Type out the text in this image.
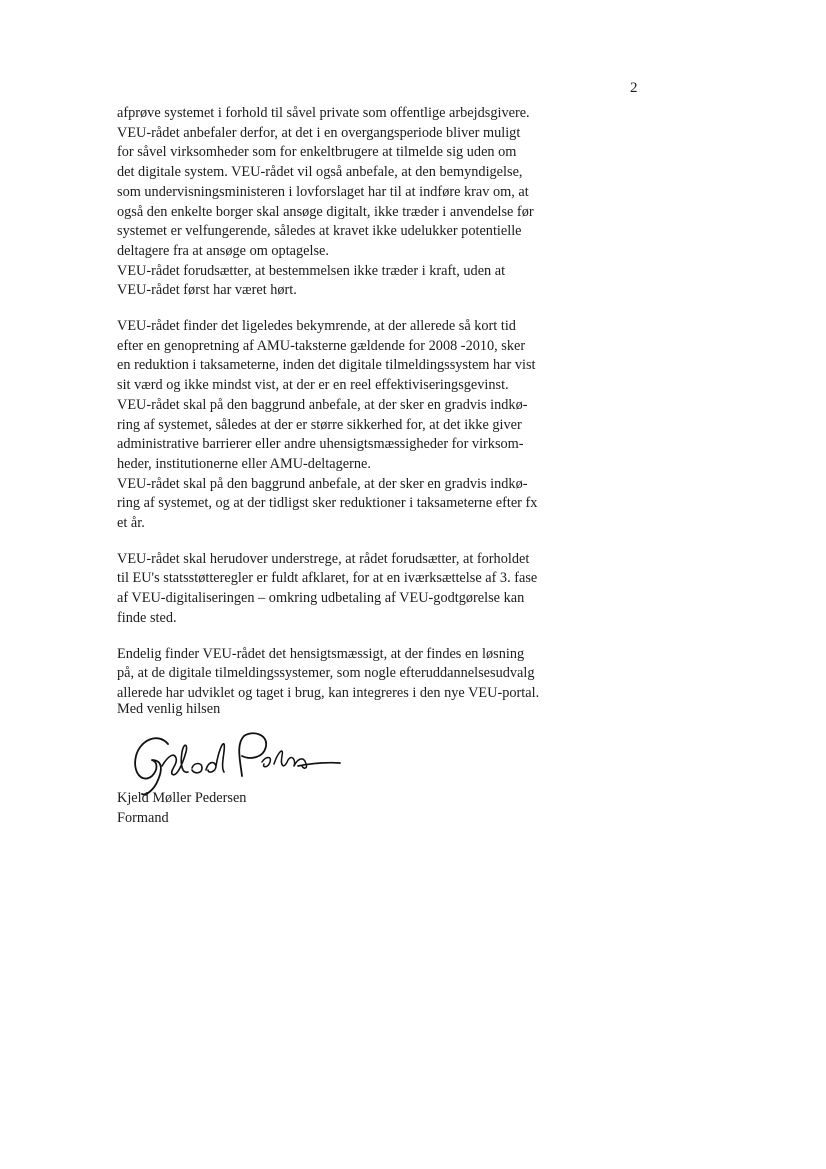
2
afprøve systemet i forhold til såvel private som offentlige arbejdsgivere.
VEU-rådet anbefaler derfor, at det i en overgangsperiode bliver muligt
for såvel virksomheder som for enkeltbrugere at tilmelde sig uden om
det digitale system. VEU-rådet vil også anbefale, at den bemyndigelse,
som undervisningsministeren i lovforslaget har til at indføre krav om, at
også den enkelte borger skal ansøge digitalt, ikke træder i anvendelse før
systemet er velfungerende, således at kravet ikke udelukker potentielle
deltagere fra at ansøge om optagelse.
VEU-rådet forudsætter, at bestemmelsen ikke træder i kraft, uden at
VEU-rådet først har været hørt.
VEU-rådet finder det ligeledes bekymrende, at der allerede så kort tid
efter en genopretning af AMU-taksterne gældende for 2008 -2010, sker
en reduktion i taksameterne, inden det digitale tilmeldingssystem har vist
sit værd og ikke mindst vist, at der er en reel effektiviseringsgevinst.
VEU-rådet skal på den baggrund anbefale, at der sker en gradvis indkø-
ring af systemet, således at der er større sikkerhed for, at det ikke giver
administrative barrierer eller andre uhensigtsmæssigheder for virksom-
heder, institutionerne eller AMU-deltagerne.
VEU-rådet skal på den baggrund anbefale, at der sker en gradvis indkø-
ring af systemet, og at der tidligst sker reduktioner i taksameterne efter fx
et år.
VEU-rådet skal herudover understrege, at rådet forudsætter, at forholdet
til EU's statsstøtteregler er fuldt afklaret, for at en iværksættelse af 3. fase
af VEU-digitaliseringen – omkring udbetaling af VEU-godtgørelse kan
finde sted.
Endelig finder VEU-rådet det hensigtsmæssigt, at der findes en løsning
på, at de digitale tilmeldingssystemer, som nogle efteruddannelsesudvalg
allerede har udviklet og taget i brug, kan integreres i den nye VEU-portal.
Med venlig hilsen
Kjeld Møller Pedersen
Formand
